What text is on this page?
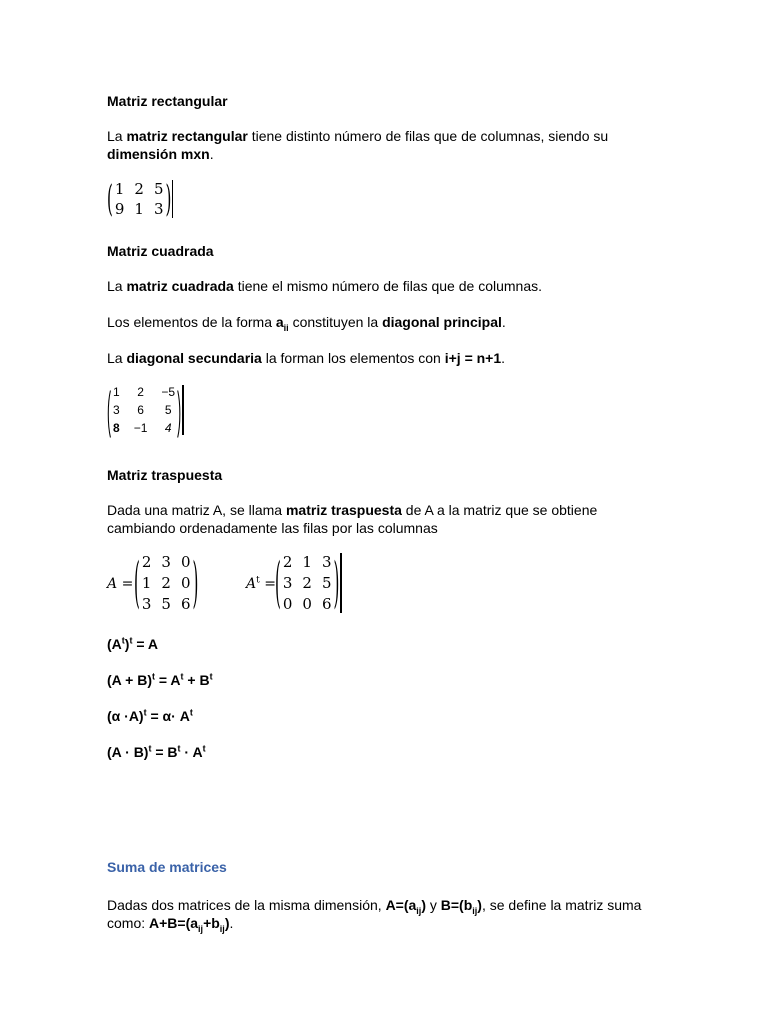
Matriz rectangular

La matriz rectangular tiene distinto número de filas que de columnas, siendo su dimensión mxn.

( 1 2 5
9 1 3 )
Matriz cuadrada

La matriz cuadrada tiene el mismo número de filas que de columnas.

Los elementos de la forma $a_{ii}$ constituyen la diagonal principal.

La diagonal secundaria la forman los elementos con i+j = n+1.

( 1 2 −5
3 6 5
8 −1 4 )
Matriz traspuesta

Dada una matriz A, se llama matriz traspuesta de A a la matriz que se obtiene cambiando ordenadamente las filas por las columnas

A = ( 2 3 0
1 2 0
3 5 6 )	$A^t$ = ( 2 1 3
3 2 5
0 0 6 )

$(A^t)^t = A$

$(A + B)^t = A^t + B^t$

$(\alpha \cdot A)^t = \alpha\cdot A^t$

$(A \cdot B)^t = B^t \cdot A^t$

Suma de matrices

Dadas dos matrices de la misma dimensión, $A=(a_{ij})$ y $B=(b_{ij})$, se define la matriz suma como: $A+B=(a_{ij}+b_{ij})$.
